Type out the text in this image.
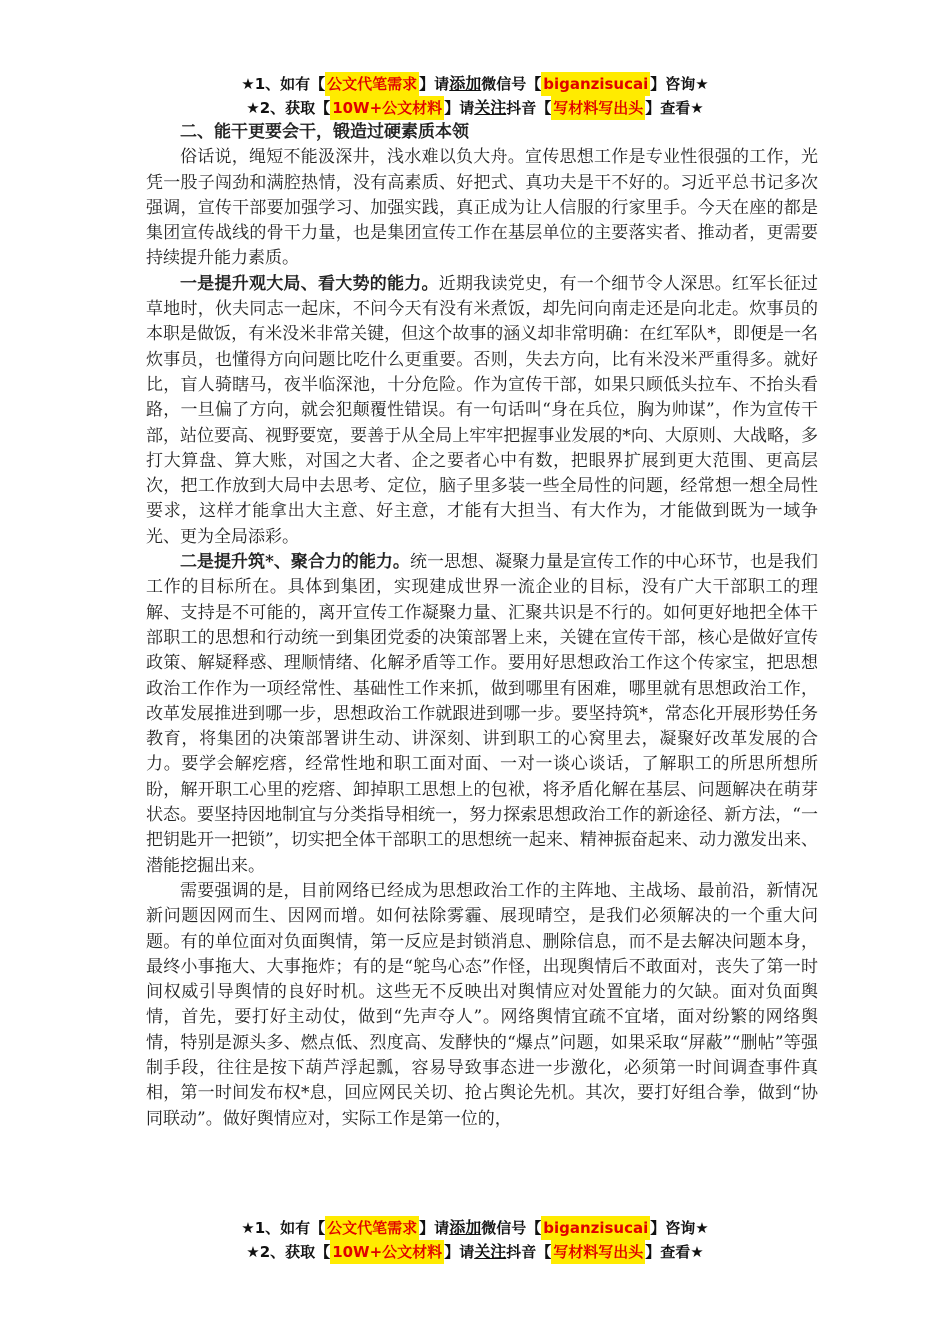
★1、如有【 公文代笔需求 】请 添加 微信号【 biganzisucai 】咨询★
★2、获取【 10W+公文材料 】请 关注 抖音【 写材料写出头 】查看★
二、能干更要会干，锻造过硬素质本领

俗话说，绳短不能汲深井，浅水难以负大舟。宣传思想工作是专业性很强的工作，光凭一股子闯劲和满腔热情，没有高素质、好把式、真功夫是干不好的。习近平总书记多次强调，宣传干部要加强学习、加强实践，真正成为让人信服的行家里手。今天在座的都是集团宣传战线的骨干力量，也是集团宣传工作在基层单位的主要落实者、推动者，更需要持续提升能力素质。

一是提升观大局、看大势的能力。近期我读党史，有一个细节令人深思。红军长征过草地时，伙夫同志一起床，不问今天有没有米煮饭，却先问向南走还是向北走。炊事员的本职是做饭，有米没米非常关键，但这个故事的涵义却非常明确：在红军队*，即便是一名炊事员，也懂得方向问题比吃什么更重要。否则，失去方向，比有米没米严重得多。就好比，盲人骑瞎马，夜半临深池，十分危险。作为宣传干部，如果只顾低头拉车、不抬头看路，一旦偏了方向，就会犯颠覆性错误。有一句话叫“身在兵位，胸为帅谋”，作为宣传干部，站位要高、视野要宽，要善于从全局上牢牢把握事业发展的*向、大原则、大战略，多打大算盘、算大账，对国之大者、企之要者心中有数，把眼界扩展到更大范围、更高层次，把工作放到大局中去思考、定位，脑子里多装一些全局性的问题，经常想一想全局性要求，这样才能拿出大主意、好主意，才能有大担当、有大作为，才能做到既为一域争光、更为全局添彩。

二是提升筑*、聚合力的能力。统一思想、凝聚力量是宣传工作的中心环节，也是我们工作的目标所在。具体到集团，实现建成世界一流企业的目标，没有广大干部职工的理解、支持是不可能的，离开宣传工作凝聚力量、汇聚共识是不行的。如何更好地把全体干部职工的思想和行动统一到集团党委的决策部署上来，关键在宣传干部，核心是做好宣传政策、解疑释惑、理顺情绪、化解矛盾等工作。要用好思想政治工作这个传家宝，把思想政治工作作为一项经常性、基础性工作来抓，做到哪里有困难，哪里就有思想政治工作，改革发展推进到哪一步，思想政治工作就跟进到哪一步。要坚持筑*，常态化开展形势任务教育，将集团的决策部署讲生动、讲深刻、讲到职工的心窝里去，凝聚好改革发展的合力。要学会解疙瘩，经常性地和职工面对面、一对一谈心谈话，了解职工的所思所想所盼，解开职工心里的疙瘩、卸掉职工思想上的包袱，将矛盾化解在基层、问题解决在萌芽状态。要坚持因地制宜与分类指导相统一，努力探索思想政治工作的新途径、新方法，“一把钥匙开一把锁”，切实把全体干部职工的思想统一起来、精神振奋起来、动力激发出来、潜能挖掘出来。

需要强调的是，目前网络已经成为思想政治工作的主阵地、主战场、最前沿，新情况新问题因网而生、因网而增。如何祛除雾霾、展现晴空，是我们必须解决的一个重大问题。有的单位面对负面舆情，第一反应是封锁消息、删除信息，而不是去解决问题本身，最终小事拖大、大事拖炸；有的是“鸵鸟心态”作怪，出现舆情后不敢面对，丧失了第一时间权威引导舆情的良好时机。这些无不反映出对舆情应对处置能力的欠缺。面对负面舆情，首先，要打好主动仗，做到“先声夺人”。网络舆情宜疏不宜堵，面对纷繁的网络舆情，特别是源头多、燃点低、烈度高、发酵快的“爆点”问题，如果采取“屏蔽”“删帖”等强制手段，往往是按下葫芦浮起瓢，容易导致事态进一步激化，必须第一时间调查事件真相，第一时间发布权*息，回应网民关切、抢占舆论先机。其次，要打好组合拳，做到“协同联动”。做好舆情应对，实际工作是第一位的，

★1、如有【 公文代笔需求 】请 添加 微信号【 biganzisucai 】咨询★
★2、获取【 10W+公文材料 】请 关注 抖音【 写材料写出头 】查看★
